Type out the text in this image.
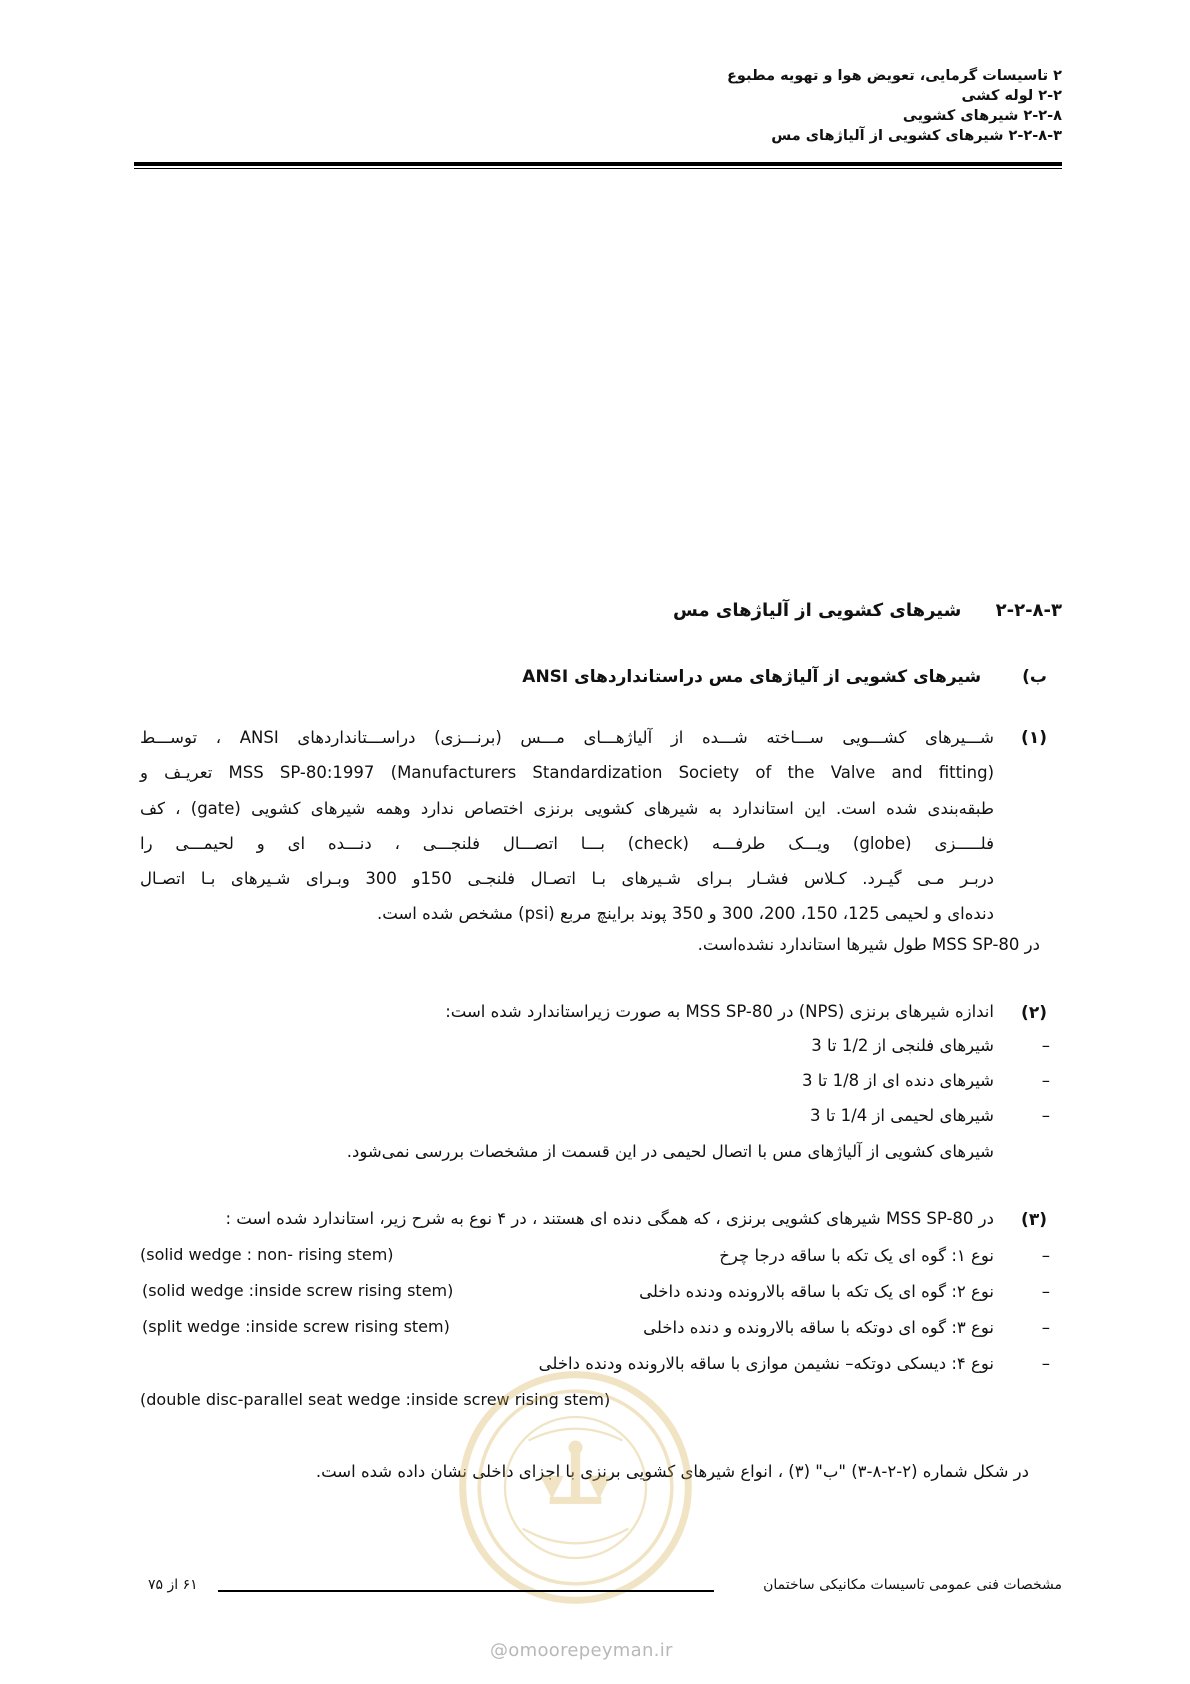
۲ تاسیسات گرمایی، تعویض هوا و تهویه مطبوع
۲-۲ لوله کشی
۲-۲-۸ شیرهای کشویی
۲-۲-۸-۳ شیرهای کشویی از آلیاژهای مس
۲-۲-۸-۳ شیرهای کشویی از آلیاژهای مس
ب) شیرهای کشویی از آلیاژهای مس دراستانداردهای ANSI
(۱)
شـــیرهای کشـــویی ســـاخته شـــده از آلیاژهـــای مـــس (برنـــزی) دراســـتانداردهای ANSI ، توســـط
(Manufacturers Standardization Society of the Valve and fitting) MSS SP-80:1997 تعریـف و
طبقه‌بندی شده است. این استاندارد به شیرهای کشویی برنزی اختصاص ندارد وهمه شیرهای کشویی (gate) ، کف
فلـــــزی (globe) ویـــک طرفـــه (check) بـــا اتصـــال فلنجـــی ، دنـــده ای و لحیمـــی را
دربـر مـی گیـرد. کـلاس فشـار بـرای شـیرهای بـا اتصـال فلنجـی 150و 300 وبـرای شـیرهای بـا اتصـال
دنده‌ای و لحیمی 125، 150، 200، 300 و 350 پوند براینچ مربع (psi) مشخص شده است.
در MSS SP-80 طول شیرها استاندارد نشده‌است.
(۲)
اندازه شیرهای برنزی (NPS) در MSS SP-80 به صورت زیراستاندارد شده است:
–
شیرهای فلنجی از 1/2 تا 3
–
شیرهای دنده ای از 1/8 تا 3
–
شیرهای لحیمی از 1/4 تا 3
شیرهای کشویی از آلیاژهای مس با اتصال لحیمی در این قسمت از مشخصات بررسی نمی‌شود.
(۳)
در MSS SP-80 شیرهای کشویی برنزی ، که همگی دنده ای هستند ، در ۴ نوع به شرح زیر، استاندارد شده است :
–
نوع ۱: گوه ای یک تکه با ساقه درجا چرخ
(solid wedge : non- rising stem)
–
نوع ۲: گوه ای یک تکه با ساقه بالارونده ودنده داخلی
(solid wedge :inside screw rising stem)
–
نوع ۳: گوه ای دوتکه با ساقه بالارونده و دنده داخلی
(split wedge :inside screw rising stem)
–
نوع ۴: دیسکی دوتکه– نشیمن موازی با ساقه بالارونده ودنده داخلی
(double disc-parallel seat wedge :inside screw rising stem)
در شکل شماره (۲-۲-۸-۳) "ب" (۳) ، انواع شیرهای کشویی برنزی با اجزای داخلی نشان داده شده است.
مشخصات فنی عمومی تاسیسات مکانیکی ساختمان
۶۱ از ۷۵
@omoorepeyman.ir
